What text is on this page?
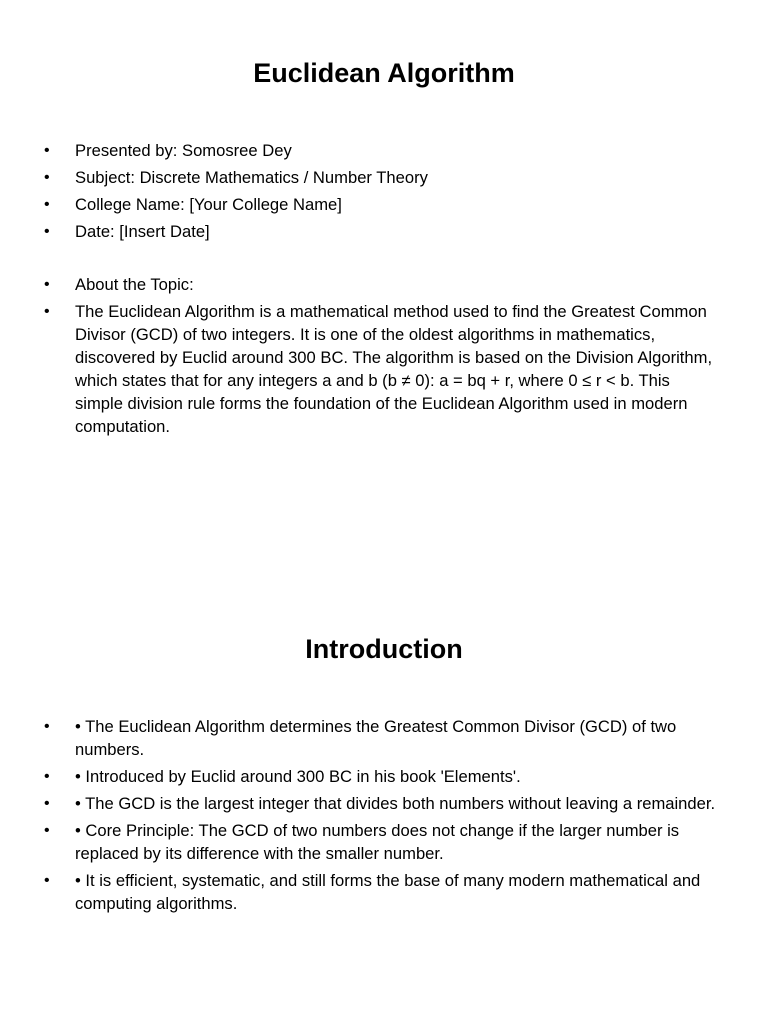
Euclidean Algorithm
• Presented by: Somosree Dey
• Subject: Discrete Mathematics / Number Theory
• College Name: [Your College Name]
• Date: [Insert Date]
• About the Topic:
• The Euclidean Algorithm is a mathematical method used to find the Greatest Common Divisor (GCD) of two integers. It is one of the oldest algorithms in mathematics, discovered by Euclid around 300 BC. The algorithm is based on the Division Algorithm, which states that for any integers a and b (b ≠ 0): a = bq + r, where 0 ≤ r < b. This simple division rule forms the foundation of the Euclidean Algorithm used in modern computation.
Introduction
• • The Euclidean Algorithm determines the Greatest Common Divisor (GCD) of two numbers.
• • Introduced by Euclid around 300 BC in his book 'Elements'.
• • The GCD is the largest integer that divides both numbers without leaving a remainder.
• • Core Principle: The GCD of two numbers does not change if the larger number is replaced by its difference with the smaller number.
• • It is efficient, systematic, and still forms the base of many modern mathematical and computing algorithms.
